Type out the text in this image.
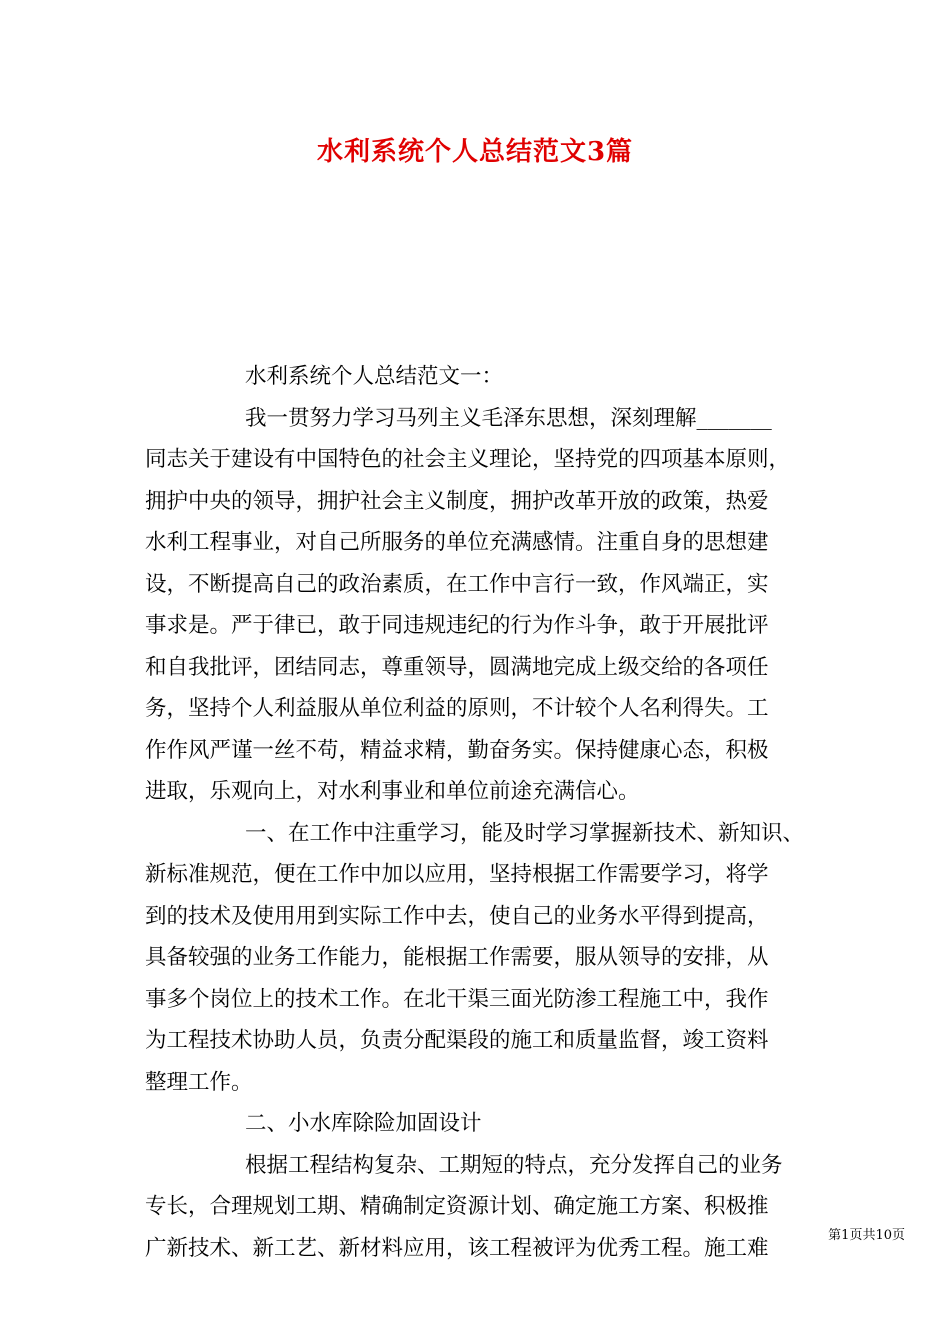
水利系统个人总结范文3篇
水利系统个人总结范文一：
我一贯努力学习马列主义毛泽东思想，深刻理解_______
同志关于建设有中国特色的社会主义理论，坚持党的四项基本原则，
拥护中央的领导，拥护社会主义制度，拥护改革开放的政策，热爱
水利工程事业，对自己所服务的单位充满感情。注重自身的思想建
设，不断提高自己的政治素质，在工作中言行一致，作风端正，实
事求是。严于律已，敢于同违规违纪的行为作斗争，敢于开展批评
和自我批评，团结同志，尊重领导，圆满地完成上级交给的各项任
务，坚持个人利益服从单位利益的原则，不计较个人名利得失。工
作作风严谨一丝不苟，精益求精，勤奋务实。保持健康心态，积极
进取，乐观向上，对水利事业和单位前途充满信心。
一、在工作中注重学习，能及时学习掌握新技术、新知识、
新标准规范，便在工作中加以应用，坚持根据工作需要学习，将学
到的技术及使用用到实际工作中去，使自己的业务水平得到提高，
具备较强的业务工作能力，能根据工作需要，服从领导的安排，从
事多个岗位上的技术工作。在北干渠三面光防渗工程施工中，我作
为工程技术协助人员，负责分配渠段的施工和质量监督，竣工资料
整理工作。
二、小水库除险加固设计
根据工程结构复杂、工期短的特点，充分发挥自己的业务
专长，合理规划工期、精确制定资源计划、确定施工方案、积极推
广新技术、新工艺、新材料应用，该工程被评为优秀工程。施工难	第1页共10页
